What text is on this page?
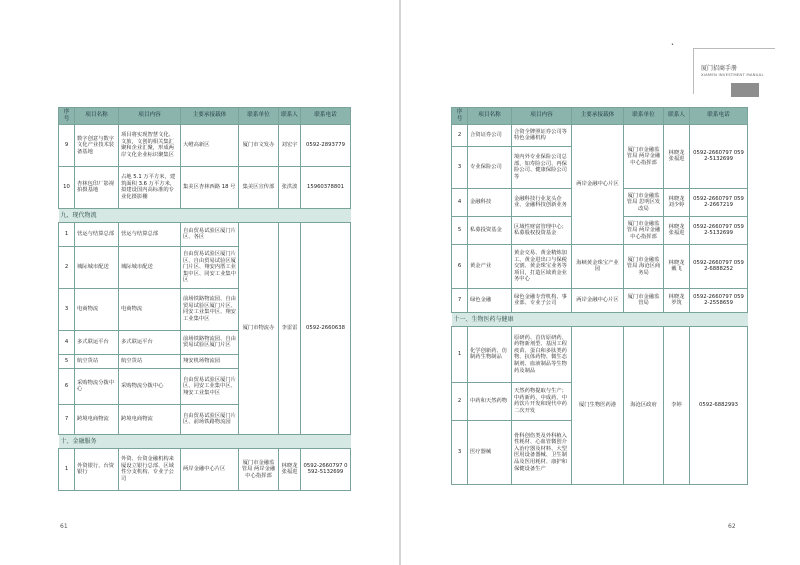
序号	项目名称	项目内容	主要承接载体	联系单位	联系人	联系电话
9	数字创意与数字文化产业技术装备基地	项目将实现智慧文化、文旅，文创的相关集汇聚和企业汇聚，形成两岸文化企业标识聚集区	大嶝高新区	厦门市文发办	刘宏宇	0592-2893779
10	杏林包印厂影视拍摄基地	占地 5.1 万平方米，建筑面积 3.6 万平方米，拟建设国内高标准的专业化摄影棚	集美区杏林西路 18 号	集美区宣传部	张洪波	15960378801
九、现代物流						
1	营运与结算总部	营运与结算总部	自由贸易试验区厦门片区、各区	厦门市物流办	李雷雷	0592-2660638
2	城际城市配送	城际城市配送	自由贸易试验区厦门片区、自由贸易试验区厦门片区、翔安内厝工业集中区、同安工业集中区			
3	电商物流	电商物流	前场铁路物流园、自由贸易试验区厦门片区、同安工业集中区、翔安工业集中区			
4	多式联运平台	多式联运平台	前场铁路物流园、自由贸易试验区厦门片区			
5	航空货站	航空货站	翔安机场物流园			
6	采购物流分拨中心	采购物流分拨中心	自由贸易试验区厦门片区、同安工业集中区、翔安工业集中区			
7	跨境电商物流	跨境电商物流	自由贸易试验区厦门片区、前场铁路物流园			
十、金融服务						
1	外资银行、台资银行	外资、台资金融机构来厦设立银行总部、区域性分支机构、专业子公司	两岸金融中心片区	厦门市金融监管局 两岸金融中心指挥部	林晓龙 张福进	0592-2660797 0592-5132699
61
•
厦门招商手册
XIAMEN INVESTMENT MANUAL
序号	项目名称	项目内容	主要承接载体	联系单位	联系人	联系电话
2	合资证券公司	合资全牌照证券公司等特色金融机构	两岸金融中心片区	厦门市金融监管局 两岸金融中心指挥部	林晓龙 张福进	0592-2660797 0592-5132699
3	专业保险公司	境内外专业保险公司总部，如寿险公司、再保险公司、健康保险公司等				
4	金融科技	金融科技行业龙头企业、金融科技创新业务		厦门市金融监管局 思明区发改局	林晓龙 刘少婷	0592-2660797 0592-2667219
5	私募投资基金	区域性财富管理中心；私募股权投资基金		厦门市金融监管局 两岸金融中心指挥部	林晓龙 张福进	0592-2660797 0592-5132699
6	黄金产业	黄金交易、黄金精炼加工、黄金进出口与保税交割、黄金珠宝业务等项目，打造区域黄金业务中心	海峡黄金珠宝产业园	厦门市金融监管局 海沧区商务局	林晓龙 戴飞	0592-2660797 0592-6888252
7	绿色金融	绿色金融专营机构、事业部、专业子公司	两岸金融中心片区	厦门市金融监管局	林晓龙 罗筑	0592-2660797 0592-2558659
十一、生物医药与健康						
1	化学创新药、仿制药生物制品	原研药、首仿原研药、药物新剂型、基因工程疫苗、蛋白和多肽类药物、抗体药物、微生态制剂、血液制品等生物药及制品	厦门生物医药港	海沧区政府	李婷	0592-6882993
2	中药和天然药物	天然药物提取与生产；中药新药、中成药、中药饮片开发和现代中药二次开发				
3	医疗器械	骨科创伤类及外科植入性耗材、心血管微创介入治疗器及材料、大型医用设备器械、卫生制品及医用耗材、康护和保健设备生产				
62
